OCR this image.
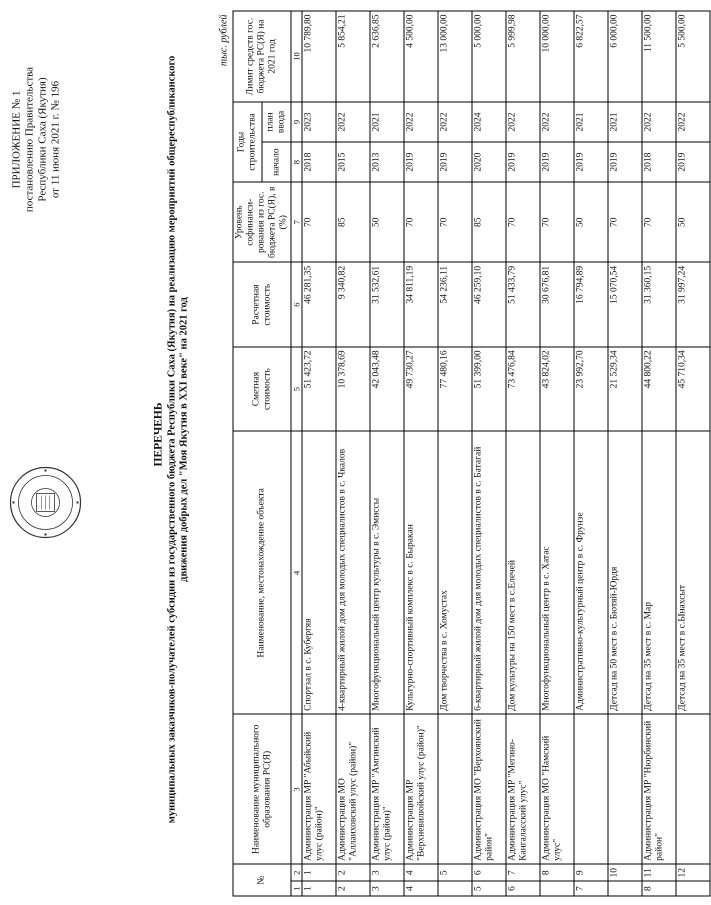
ПРИЛОЖЕНИЕ № 1 постановлению Правительства Республики Саха (Якутия) от 11 июня 2021 г. № 196
ПЕРЕЧЕНЬ муниципальных заказчиков-получателей субсидии из государственного бюджета Республики Саха (Якутия) на реализацию мероприятий общереспубликанского движения добрых дел "Моя Якутия в XXI веке" на 2021 год
тыс. рублей
№		Наименование муниципального образования РС(Я)	Наименование, местонахождение объекта	Сметная стоимость	Расчетная стоимость	Уровень софинанси-рования из гос. бюджета РС(Я), в (%)	Годы строительства		Лимит средств гос. бюджета РС(Я) на 2021 год
							начало	план ввода	
1	2	3	4	5	6	7	8	9	10
1	1	Администрация МР "Абыйский улус (район)"	Спортзал в с. Кубергяя	51 423,72	46 281,35	70	2018	2023	10 789,80
2	2	Администрация МО "Аллаиховский улус (район)"	4-квартирный жилой дом для молодых специалистов в с. Чкалов	10 378,69	9 340,82	85	2015	2022	5 854,21
3	3	Администрация МР "Амгинский улус (район)"	Многофункциональный центр культуры в с. Эмиссы	42 043,48	31 532,61	50	2013	2021	2 636,85
4	4	Администрация МР "Верхневилюйский улус (район)"	Культурно-спортивный комплекс в с. Быракан	49 730,27	34 811,19	70	2019	2022	4 500,00
	5		Дом творчества в с. Хомустах	77 480,16	54 236,11	70	2019	2022	13 000,00
5	6	Администрация МО "Верхоянский район"	6-квартирный жилой дом для молодых специалистов в с. Батагай	51 399,00	46 259,10	85	2020	2024	5 000,00
6	7	Администрация МР "Мегино-Кангаласский улус"	Дом культуры на 150 мест в с.Елечей	73 476,84	51 433,79	70	2019	2022	5 999,98
	8	Администрация МО "Намский улус"	Многофункциональный центр в с. Хатас	43 824,02	30 676,81	70	2019	2022	10 000,00
7	9		Административно-культурный центр в с. Фрунзе	23 992,70	16 794,89	50	2019	2021	6 822,57
	10		Детсад на 50 мест в с. Бютяй-Юрдя	21 529,34	15 070,54	70	2019	2021	6 000,00
8	11	Администрация МР "Нюрбинский район"	Детсад на 35 мест в с. Мар	44 800,22	31 360,15	70	2018	2022	11 500,00
	12		Детсад на 35 мест в с.Ынахсыт	45 710,34	31 997,24	50	2019	2022	5 500,00
